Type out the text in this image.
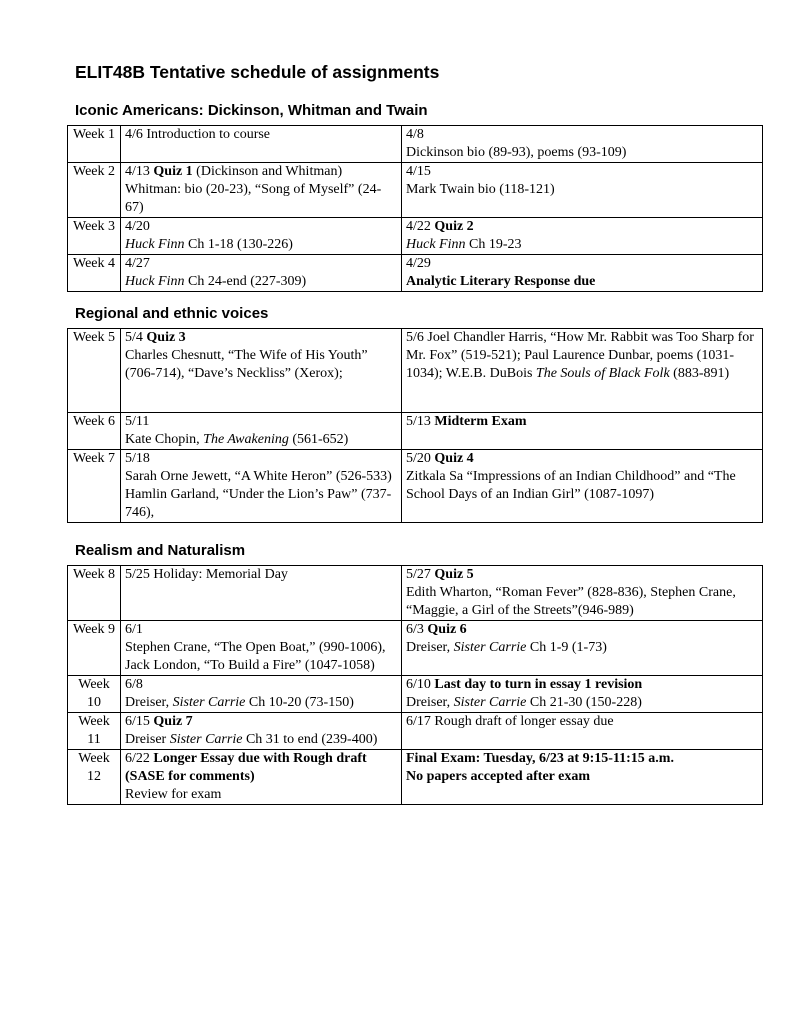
ELIT48B Tentative schedule of assignments
Iconic Americans: Dickinson, Whitman and Twain
Week 1	4/6 Introduction to course	4/8
Dickinson bio (89-93), poems (93-109)
Week 2	4/13 Quiz 1 (Dickinson and Whitman)
Whitman: bio (20-23), “Song of Myself” (24-67)	4/15
Mark Twain bio (118-121)
Week 3	4/20
Huck Finn Ch 1-18 (130-226)	4/22 Quiz 2
Huck Finn Ch 19-23
Week 4	4/27
Huck Finn Ch 24-end (227-309)	4/29
Analytic Literary Response due
Regional and ethnic voices
Week 5	5/4 Quiz 3
Charles Chesnutt, “The Wife of His Youth” (706-714), “Dave’s Neckliss” (Xerox);	5/6 Joel Chandler Harris, “How Mr. Rabbit was Too Sharp for Mr. Fox” (519-521); Paul Laurence Dunbar, poems (1031-1034); W.E.B. DuBois The Souls of Black Folk (883-891)
Week 6	5/11
Kate Chopin, The Awakening (561-652)	5/13 Midterm Exam
Week 7	5/18
Sarah Orne Jewett, “A White Heron” (526-533) Hamlin Garland, “Under the Lion’s Paw” (737-746),	5/20 Quiz 4
Zitkala Sa “Impressions of an Indian Childhood” and “The School Days of an Indian Girl” (1087-1097)
Realism and Naturalism
Week 8	5/25 Holiday: Memorial Day	5/27 Quiz 5
Edith Wharton, “Roman Fever” (828-836), Stephen Crane, “Maggie, a Girl of the Streets”(946-989)
Week 9	6/1
Stephen Crane, “The Open Boat,” (990-1006), Jack London, “To Build a Fire” (1047-1058)	6/3 Quiz 6
Dreiser, Sister Carrie Ch 1-9 (1-73)
Week 10	6/8
Dreiser, Sister Carrie Ch 10-20 (73-150)	6/10 Last day to turn in essay 1 revision
Dreiser, Sister Carrie Ch 21-30 (150-228)
Week 11	6/15 Quiz 7
Dreiser Sister Carrie Ch 31 to end (239-400)	6/17 Rough draft of longer essay due
Week 12	6/22 Longer Essay due with Rough draft (SASE for comments)
Review for exam	Final Exam: Tuesday, 6/23 at 9:15-11:15 a.m.
No papers accepted after exam
